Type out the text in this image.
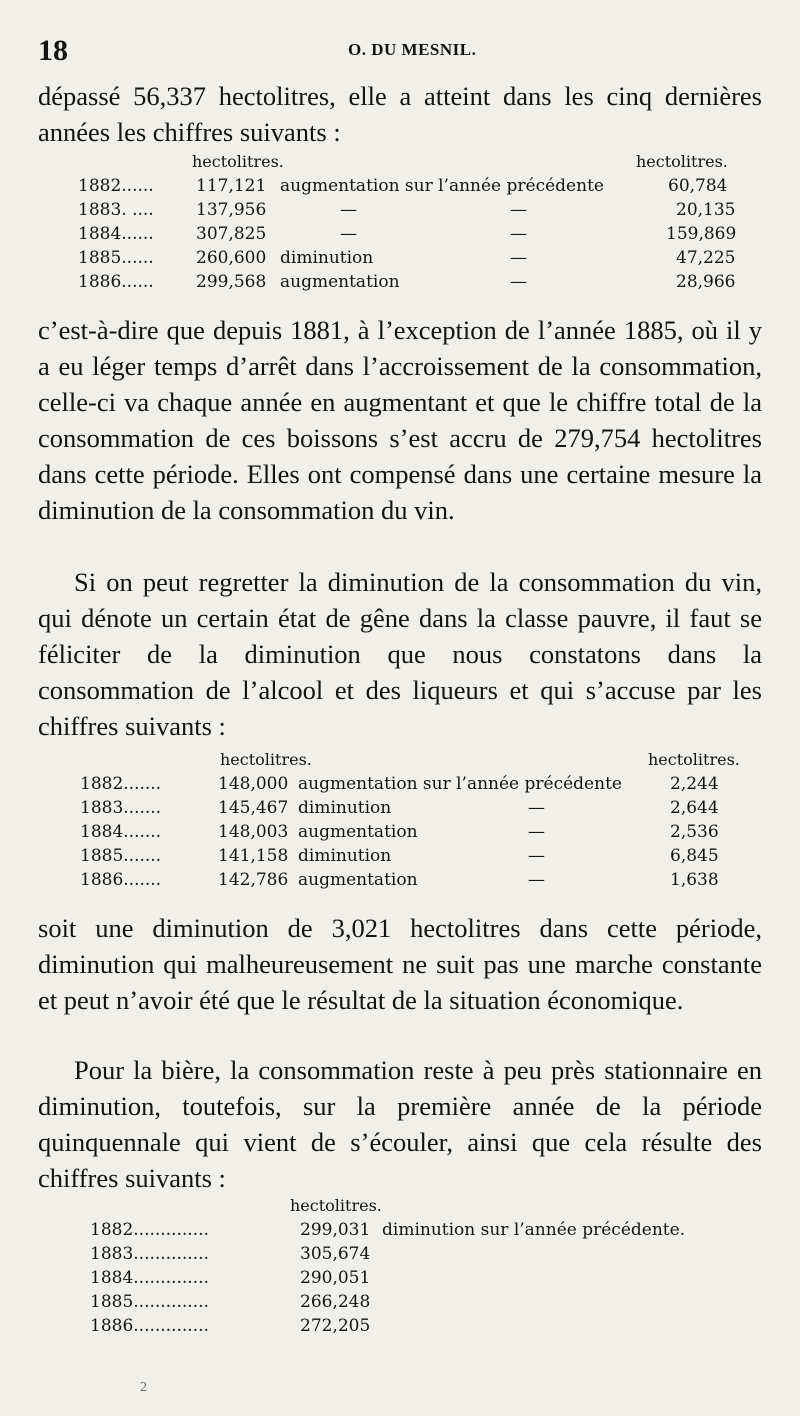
18	O. DU MESNIL.

dépassé 56,337 hectolitres, elle a atteint dans les cinq dernières années les chiffres suivants :

hectolitres.	hectolitres.
1882...... 117,121 augmentation sur l’année précédente	60,784
1883. .... 137,956	—	—	20,135
1884...... 307,825	—	—	159,869
1885...... 260,600 diminution	—	47,225
1886...... 299,568 augmentation	—	28,966

c’est-à-dire que depuis 1881, à l’exception de l’année 1885, où il y a eu léger temps d’arrêt dans l’accroissement de la consommation, celle-ci va chaque année en augmentant et que le chiffre total de la consommation de ces boissons s’est accru de 279,754 hectolitres dans cette période. Elles ont compensé dans une certaine mesure la diminution de la consommation du vin.

Si on peut regretter la diminution de la consommation du vin, qui dénote un certain état de gêne dans la classe pauvre, il faut se féliciter de la diminution que nous constatons dans la consommation de l’alcool et des liqueurs et qui s’accuse par les chiffres suivants :

hectolitres.	hectolitres.
1882.......	148,000 augmentation sur l’année précédente	2,244
1883.......	145,467 diminution	—	2,644
1884.......	148,003 augmentation	—	2,536
1885.......	141,158 diminution	—	6,845
1886.......	142,786 augmentation	—	1,638

soit une diminution de 3,021 hectolitres dans cette période, diminution qui malheureusement ne suit pas une marche constante et peut n’avoir été que le résultat de la situation économique.

Pour la bière, la consommation reste à peu près stationnaire en diminution, toutefois, sur la première année de la période quinquennale qui vient de s’écouler, ainsi que cela résulte des chiffres suivants :

hectolitres.
1882..............	299,031 diminution sur l’année précédente.
1883..............	305,674
1884..............	290,051
1885..............	266,248
1886..............	272,205
2
